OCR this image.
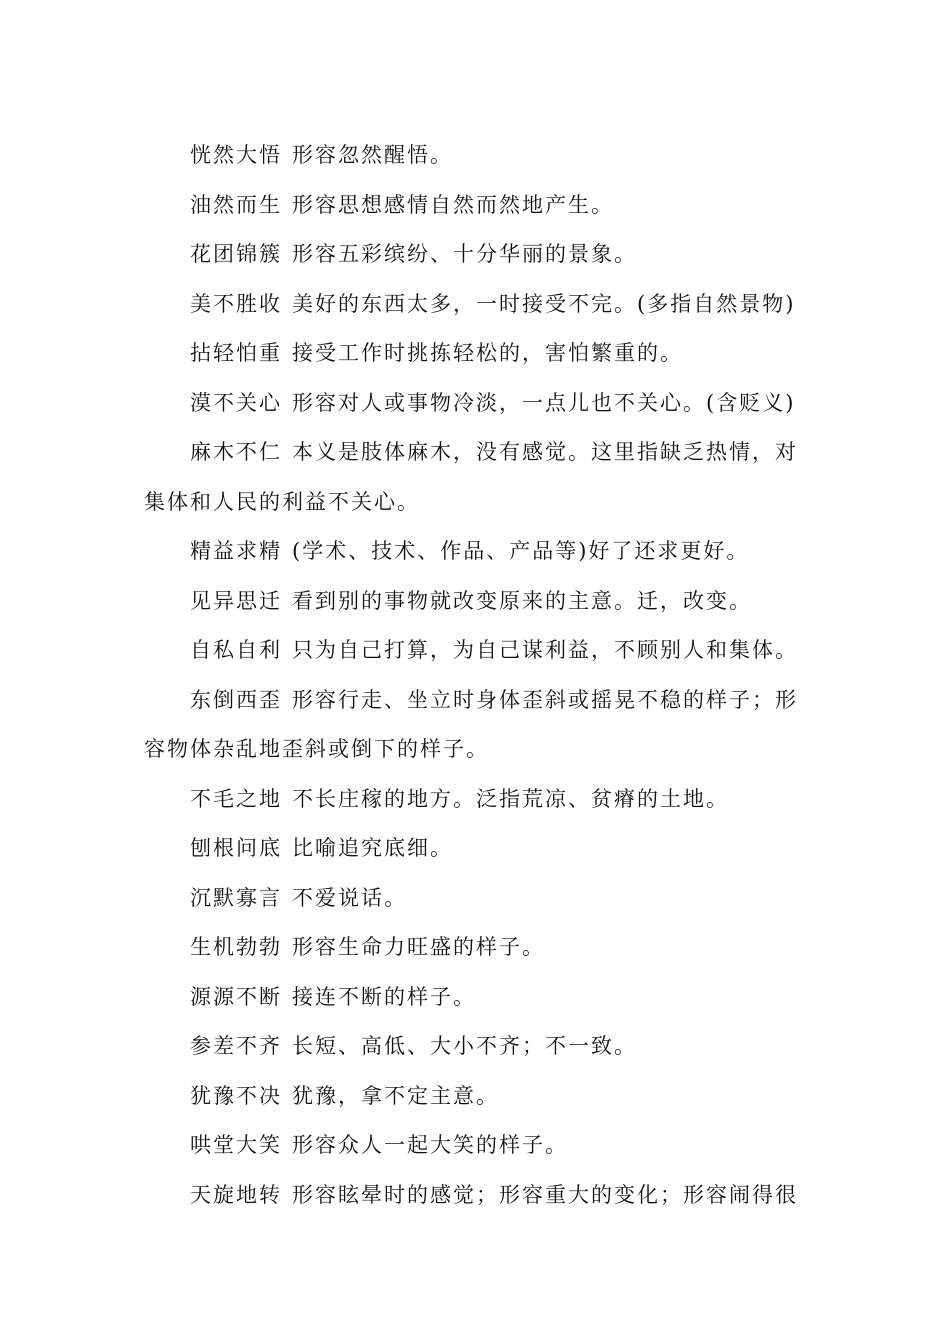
恍然大悟 形容忽然醒悟。

油然而生 形容思想感情自然而然地产生。

花团锦簇 形容五彩缤纷、十分华丽的景象。

美不胜收 美好的东西太多，一时接受不完。(多指自然景物)

拈轻怕重 接受工作时挑拣轻松的，害怕繁重的。

漠不关心 形容对人或事物冷淡，一点儿也不关心。(含贬义)

麻木不仁 本义是肢体麻木，没有感觉。这里指缺乏热情，对集体和人民的利益不关心。

精益求精 (学术、技术、作品、产品等)好了还求更好。

见异思迁 看到别的事物就改变原来的主意。迁，改变。

自私自利 只为自己打算，为自己谋利益，不顾别人和集体。

东倒西歪 形容行走、坐立时身体歪斜或摇晃不稳的样子；形容物体杂乱地歪斜或倒下的样子。

不毛之地 不长庄稼的地方。泛指荒凉、贫瘠的土地。

刨根问底 比喻追究底细。

沉默寡言 不爱说话。

生机勃勃 形容生命力旺盛的样子。

源源不断 接连不断的样子。

参差不齐 长短、高低、大小不齐；不一致。

犹豫不决 犹豫，拿不定主意。

哄堂大笑 形容众人一起大笑的样子。

天旋地转 形容眩晕时的感觉；形容重大的变化；形容闹得很
